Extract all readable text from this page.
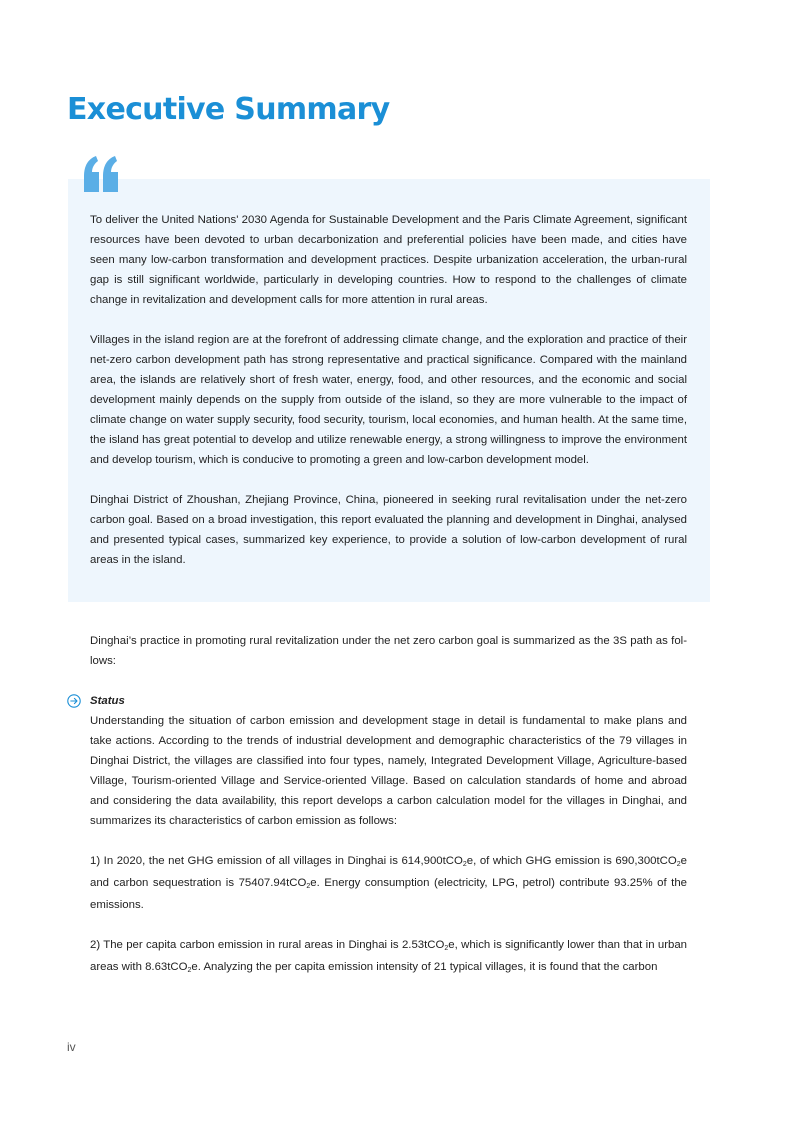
Executive Summary

To deliver the United Nations' 2030 Agenda for Sustainable Development and the Paris Climate Agreement, significant resources have been devoted to urban decarbonization and preferential policies have been made, and cities have seen many low-carbon transformation and development practices. Despite urbanization acceleration, the urban-rural gap is still significant worldwide, particularly in developing countries. How to respond to the challenges of climate change in revitalization and development calls for more attention in rural areas.

Villages in the island region are at the forefront of addressing climate change, and the exploration and practice of their net-zero carbon development path has strong representative and practical significance. Compared with the mainland area, the islands are relatively short of fresh water, energy, food, and other resources, and the economic and social development mainly depends on the supply from outside of the island, so they are more vulnerable to the impact of climate change on water supply security, food security, tourism, local economies, and human health. At the same time, the island has great potential to develop and utilize renewable energy, a strong willingness to improve the environment and develop tourism, which is conducive to promoting a green and low-carbon development model.

Dinghai District of Zhoushan, Zhejiang Province, China, pioneered in seeking rural revitalisation under the net-zero carbon goal. Based on a broad investigation, this report evaluated the planning and development in Dinghai, analysed and presented typical cases, summarized key experience, to provide a solution of low-carbon development of rural areas in the island.

Dinghai’s practice in promoting rural revitalization under the net zero carbon goal is summarized as the 3S path as fol- lows:

Status

Understanding the situation of carbon emission and development stage in detail is fundamental to make plans and take actions. According to the trends of industrial development and demographic characteristics of the 79 villages in Dinghai District, the villages are classified into four types, namely, Integrated Development Village, Agriculture-based Village, Tourism-oriented Village and Service-oriented Village. Based on calculation standards of home and abroad and considering the data availability, this report develops a carbon calculation model for the villages in Dinghai, and summarizes its characteristics of carbon emission as follows:

1) In 2020, the net GHG emission of all villages in Dinghai is 614,900tCO$_2$e, of which GHG emission is 690,300tCO$_2$e and carbon sequestration is 75407.94tCO$_2$e. Energy consumption (electricity, LPG, petrol) contribute 93.25% of the emissions.

2) The per capita carbon emission in rural areas in Dinghai is 2.53tCO$_2$e, which is significantly lower than that in urban areas with 8.63tCO$_2$e. Analyzing the per capita emission intensity of 21 typical villages, it is found that the carbon

iv
